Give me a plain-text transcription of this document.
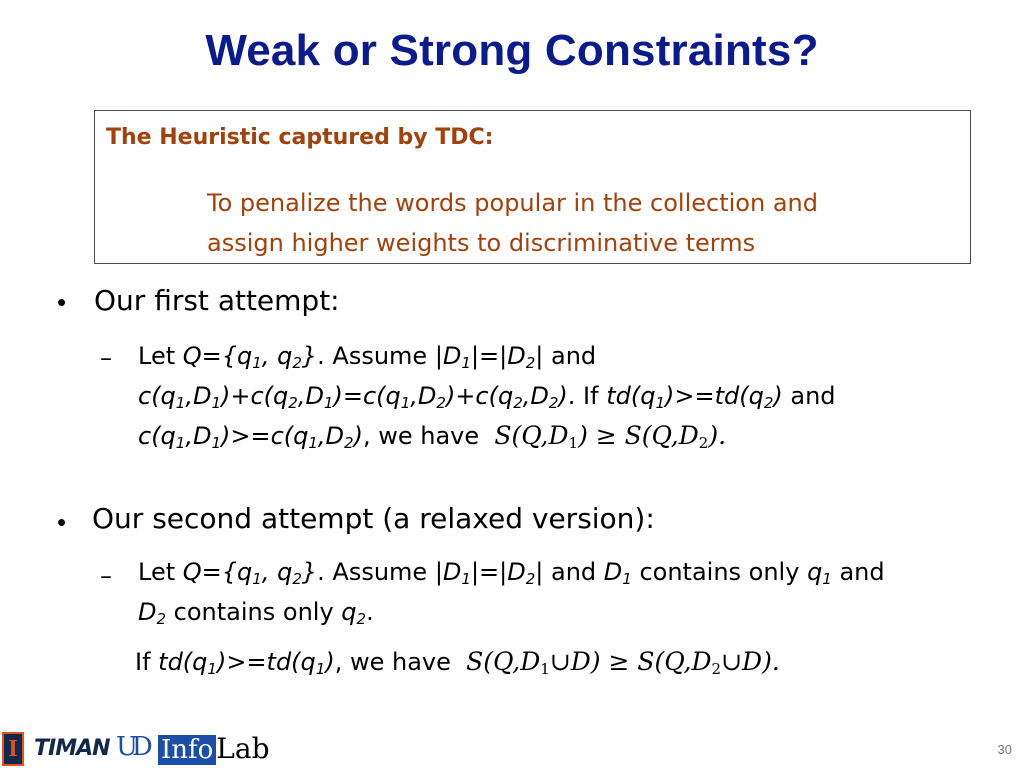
Weak or Strong Constraints?
The Heuristic captured by TDC:
To penalize the words popular in the collection and
assign higher weights to discriminative terms
• Our first attempt:
– Let $Q=\{q_1$, $q_2$}. Assume $|D_1|=|D_2|$ and
$c(q_1,D_1)+c(q_2,D_1)=c(q_1,D_2)+c(q_2,D_2)$. If $td(q_1)>=td(q_2)$ and
$c(q_1,D_1)>=c(q_1,D_2)$, we have  $S(Q,D_1) \ge S(Q,D_2)$.
• Our second attempt (a relaxed version):
– Let $Q=\{q_1$, $q_2$}. Assume $|D_1|=|D_2|$ and $D_1$ contains only $q_1$ and
$D_2$ contains only $q_2$.
If $td(q_1)>=td(q_1)$, we have  $S(Q,D_1\cup D)$ ≥ $S(Q,D_2\cup D)$.
I TIMAN UD Info Lab	30
